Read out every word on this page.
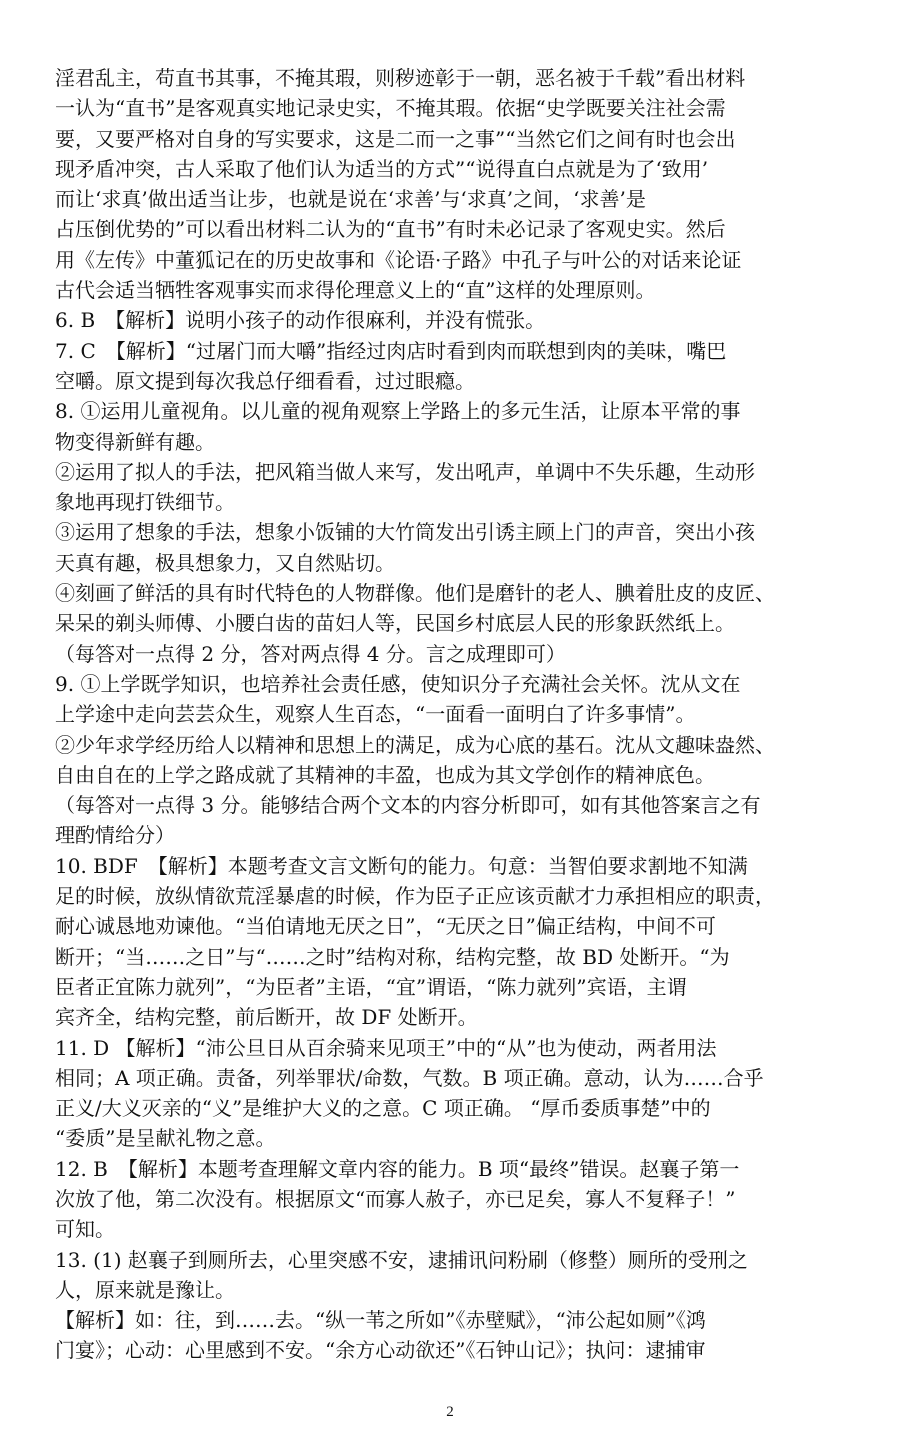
淫君乱主，苟直书其事，不掩其瑕，则秽迹彰于一朝，恶名被于千载”看出材料
一认为“直书”是客观真实地记录史实，不掩其瑕。依据“史学既要关注社会需
要，又要严格对自身的写实要求，这是二而一之事”“当然它们之间有时也会出
现矛盾冲突，古人采取了他们认为适当的方式”“说得直白点就是为了‘致用’
而让‘求真’做出适当让步，也就是说在‘求善’与‘求真’之间，‘求善’是
占压倒优势的”可以看出材料二认为的“直书”有时未必记录了客观史实。然后
用《左传》中董狐记在的历史故事和《论语·子路》中孔子与叶公的对话来论证
古代会适当牺牲客观事实而求得伦理意义上的“直”这样的处理原则。
6. B　【解析】说明小孩子的动作很麻利，并没有慌张。
7. C　【解析】“过屠门而大嚼”指经过肉店时看到肉而联想到肉的美味，嘴巴
空嚼。原文提到每次我总仔细看看，过过眼瘾。
8. ①运用儿童视角。以儿童的视角观察上学路上的多元生活，让原本平常的事
物变得新鲜有趣。
②运用了拟人的手法，把风箱当做人来写，发出吼声，单调中不失乐趣，生动形
象地再现打铁细节。
③运用了想象的手法，想象小饭铺的大竹筒发出引诱主顾上门的声音，突出小孩
天真有趣，极具想象力，又自然贴切。
④刻画了鲜活的具有时代特色的人物群像。他们是磨针的老人、腆着肚皮的皮匠、
呆呆的剃头师傅、小腰白齿的苗妇人等，民国乡村底层人民的形象跃然纸上。
（每答对一点得 2 分，答对两点得 4 分。言之成理即可）
9. ①上学既学知识，也培养社会责任感，使知识分子充满社会关怀。沈从文在
上学途中走向芸芸众生，观察人生百态，“一面看一面明白了许多事情”。
②少年求学经历给人以精神和思想上的满足，成为心底的基石。沈从文趣味盎然、
自由自在的上学之路成就了其精神的丰盈，也成为其文学创作的精神底色。
（每答对一点得 3 分。能够结合两个文本的内容分析即可，如有其他答案言之有
理酌情给分）
10. BDF　【解析】本题考查文言文断句的能力。句意：当智伯要求割地不知满
足的时候，放纵情欲荒淫暴虐的时候，作为臣子正应该贡献才力承担相应的职责，
耐心诚恳地劝谏他。“当伯请地无厌之日”，“无厌之日”偏正结构，中间不可
断开；“当……之日”与“……之时”结构对称，结构完整，故 BD 处断开。“为
臣者正宜陈力就列”，“为臣者”主语，“宜”谓语，“陈力就列”宾语，主谓
宾齐全，结构完整，前后断开，故 DF 处断开。
11. D 【解析】“沛公旦日从百余骑来见项王”中的“从”也为使动，两者用法
相同；A 项正确。责备，列举罪状/命数，气数。B 项正确。意动，认为……合乎
正义/大义灭亲的“义”是维护大义的之意。C 项正确。 “厚币委质事楚”中的
“委质”是呈献礼物之意。
12. B　【解析】本题考查理解文章内容的能力。B 项“最终”错误。赵襄子第一
次放了他，第二次没有。根据原文“而寡人赦子，亦已足矣，寡人不复释子！”
可知。
13. (1) 赵襄子到厕所去，心里突感不安，逮捕讯问粉刷（修整）厕所的受刑之
人，原来就是豫让。
【解析】如：往，到……去。“纵一苇之所如”《赤壁赋》，“沛公起如厕”《鸿
门宴》；心动：心里感到不安。“余方心动欲还”《石钟山记》；执问：逮捕审
2
